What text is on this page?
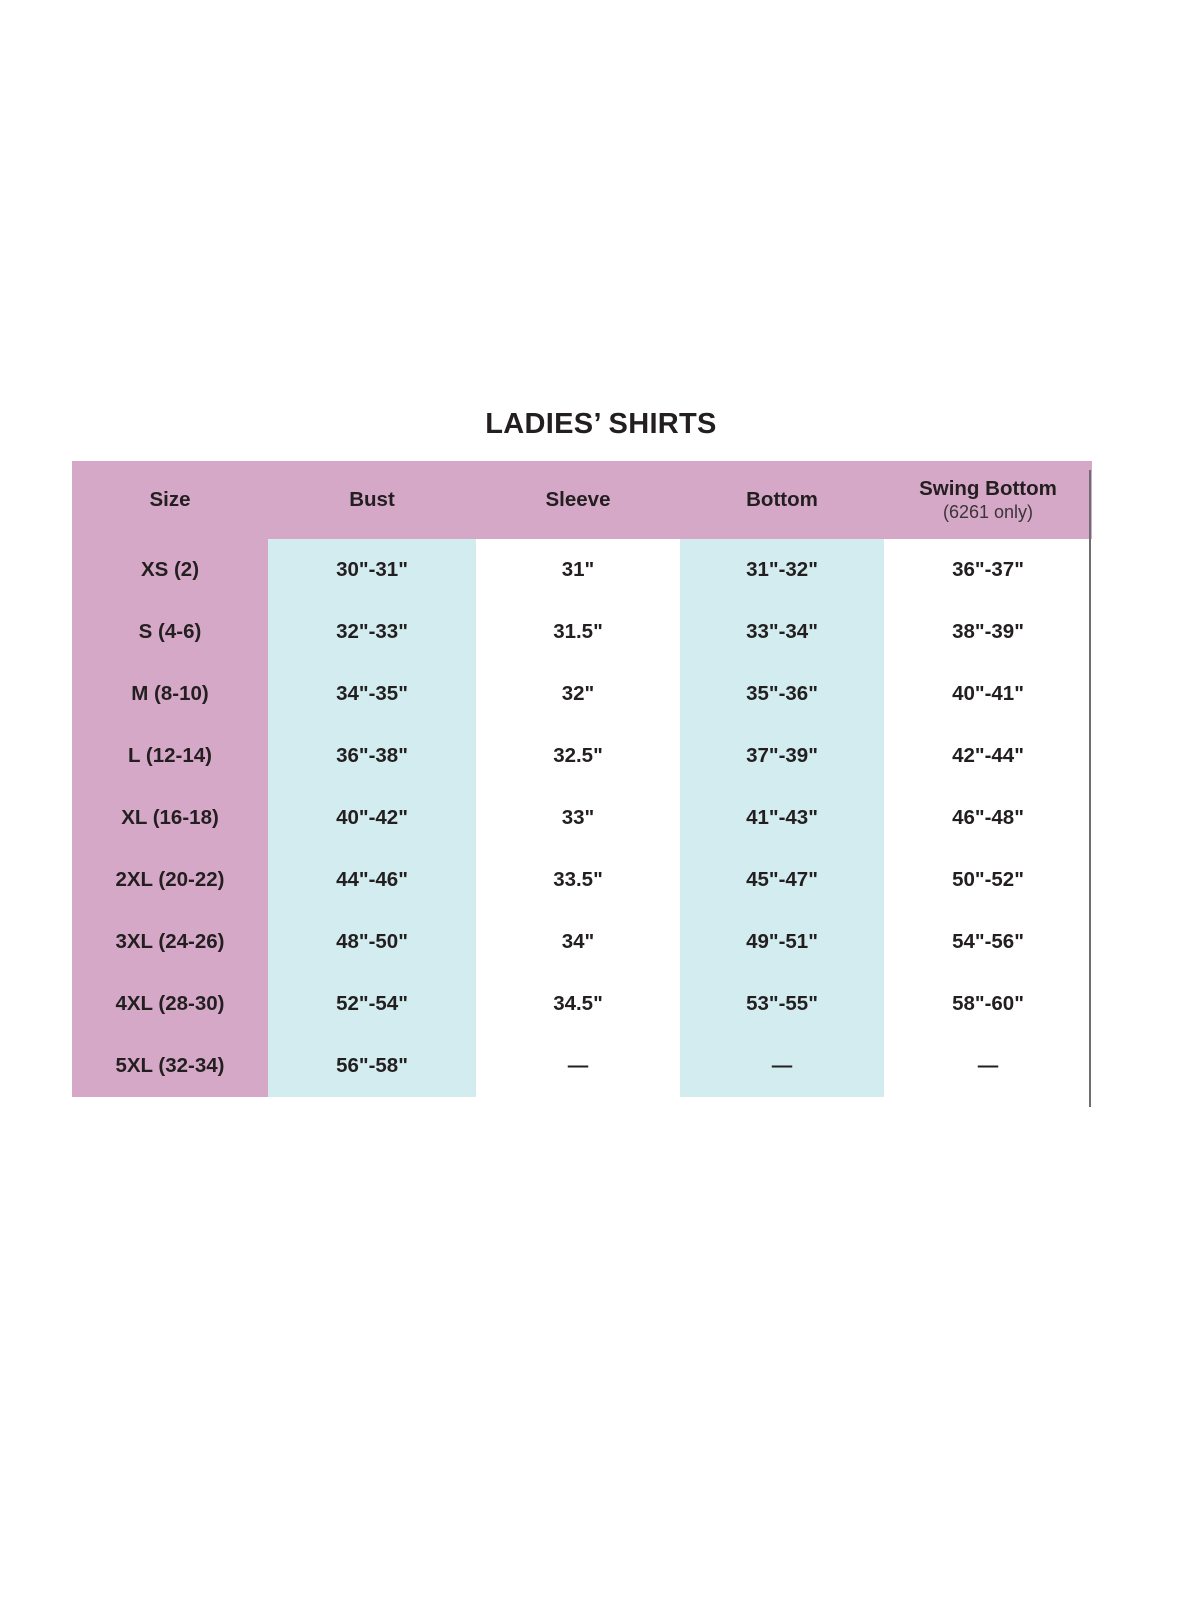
LADIES’ SHIRTS
Size	Bust	Sleeve	Bottom	Swing Bottom
(6261 only)

XS (2)	30"-31"	31"	31"-32"	36"-37"
S (4-6)	32"-33"	31.5"	33"-34"	38"-39"
M (8-10)	34"-35"	32"	35"-36"	40"-41"
L (12-14)	36"-38"	32.5"	37"-39"	42"-44"
XL (16-18)	40"-42"	33"	41"-43"	46"-48"
2XL (20-22)	44"-46"	33.5"	45"-47"	50"-52"
3XL (24-26)	48"-50"	34"	49"-51"	54"-56"
4XL (28-30)	52"-54"	34.5"	53"-55"	58"-60"
5XL (32-34)	56"-58"	—	—	—
